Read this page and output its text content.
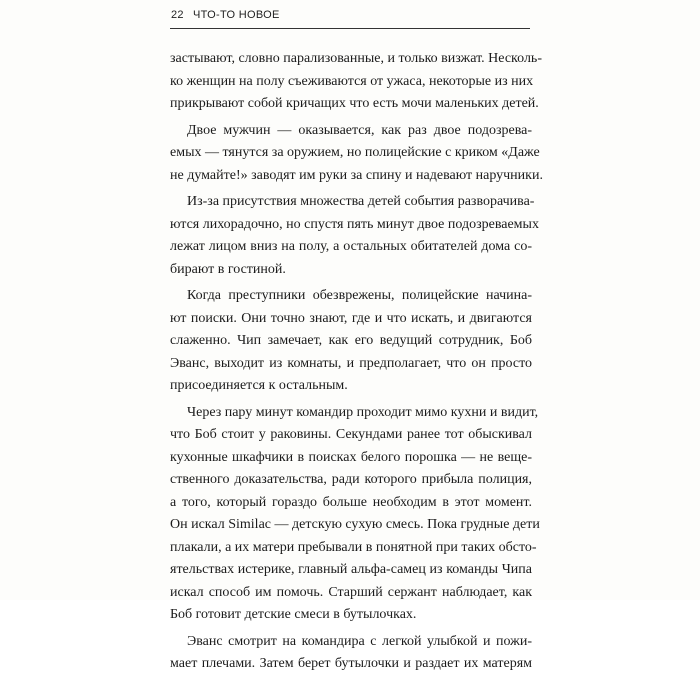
22 ЧТО-ТО НОВОЕ
застывают, словно парализованные, и только визжат. Несколь-
ко женщин на полу съеживаются от ужаса, некоторые из них
прикрывают собой кричащих что есть мочи маленьких детей.
Двое мужчин — оказывается, как раз двое подозрева-
емых — тянутся за оружием, но полицейские с криком «Даже
не думайте!» заводят им руки за спину и надевают наручники.
Из-за присутствия множества детей события разворачива-
ются лихорадочно, но спустя пять минут двое подозреваемых
лежат лицом вниз на полу, а остальных обитателей дома со-
бирают в гостиной.
Когда преступники обезврежены, полицейские начина-
ют поиски. Они точно знают, где и что искать, и двигаются
слаженно. Чип замечает, как его ведущий сотрудник, Боб
Эванс, выходит из комнаты, и предполагает, что он просто
присоединяется к остальным.
Через пару минут командир проходит мимо кухни и видит,
что Боб стоит у раковины. Секундами ранее тот обыскивал
кухонные шкафчики в поисках белого порошка — не веще-
ственного доказательства, ради которого прибыла полиция,
а того, который гораздо больше необходим в этот момент.
Он искал Similac — детскую сухую смесь. Пока грудные дети
плакали, а их матери пребывали в понятной при таких обсто-
ятельствах истерике, главный альфа-самец из команды Чипа
искал способ им помочь. Старший сержант наблюдает, как
Боб готовит детские смеси в бутылочках.
Эванс смотрит на командира с легкой улыбкой и пожи-
мает плечами. Затем берет бутылочки и раздает их матерям
